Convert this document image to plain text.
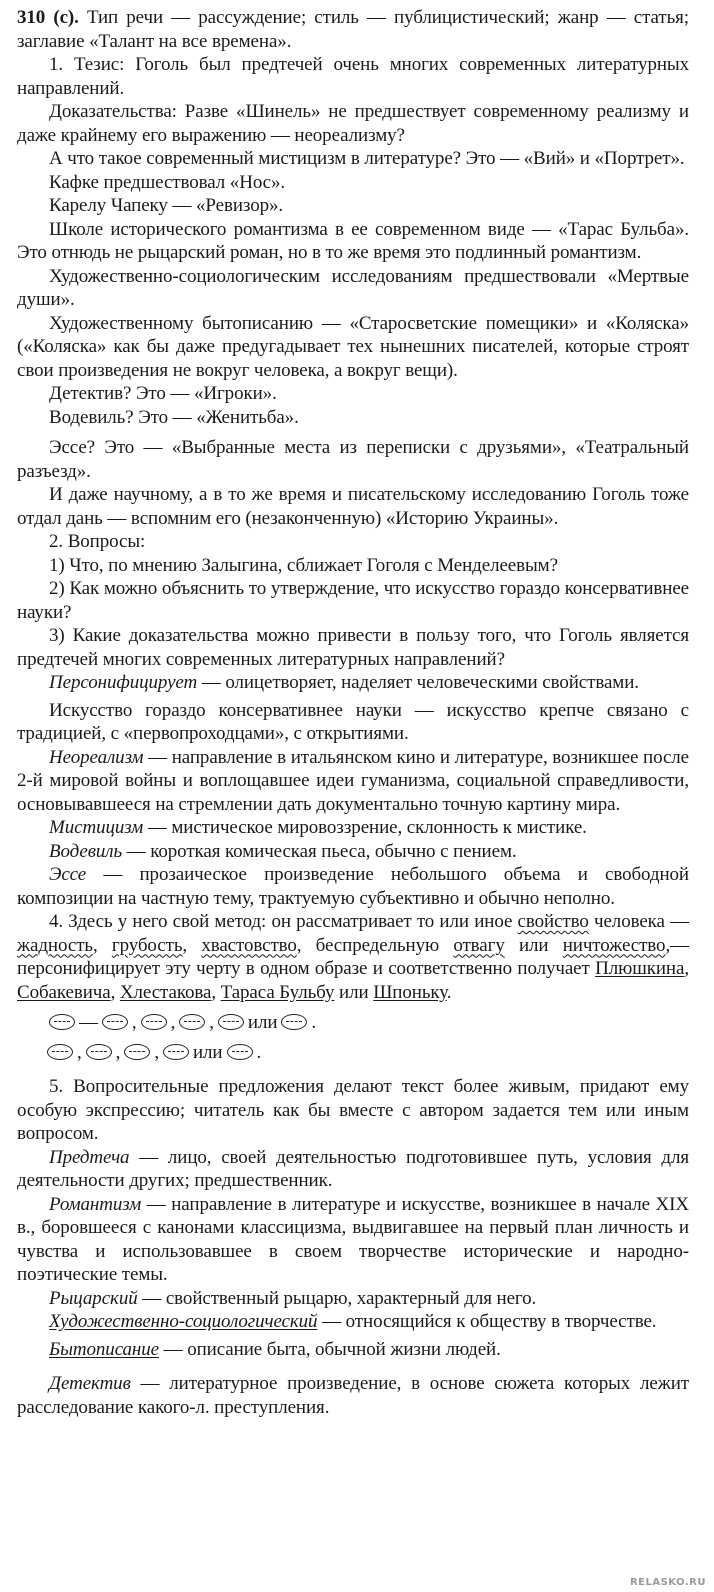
310 (с). Тип речи — рассуждение; стиль — публицистический; жанр — статья; заглавие «Талант на все времена».

1. Тезис: Гоголь был предтечей очень многих современных литературных направлений.

Доказательства: Разве «Шинель» не предшествует современному реализму и даже крайнему его выражению — неореализму?

А что такое современный мистицизм в литературе? Это — «Вий» и «Портрет».

Кафке предшествовал «Нос».

Карелу Чапеку — «Ревизор».

Школе исторического романтизма в ее современном виде — «Тарас Бульба». Это отнюдь не рыцарский роман, но в то же время это подлинный романтизм.

Художественно-социологическим исследованиям предшествовали «Мертвые души».

Художественному бытописанию — «Старосветские помещики» и «Коляска» («Коляска» как бы даже предугадывает тех нынешних писателей, которые строят свои произведения не вокруг человека, а вокруг вещи).

Детектив? Это — «Игроки».

Водевиль? Это — «Женитьба».

Эссе? Это — «Выбранные места из переписки с друзьями», «Театральный разъезд».

И даже научному, а в то же время и писательскому исследованию Гоголь тоже отдал дань — вспомним его (незаконченную) «Историю Украины».

2. Вопросы:

1) Что, по мнению Залыгина, сближает Гоголя с Менделеевым?

2) Как можно объяснить то утверждение, что искусство гораздо консервативнее науки?

3) Какие доказательства можно привести в пользу того, что Гоголь является предтечей многих современных литературных направлений?

Персонифицирует — олицетворяет, наделяет человеческими свойствами.

Искусство гораздо консервативнее науки — искусство крепче связано с традицией, с «первопроходцами», с открытиями.

Неореализм — направление в итальянском кино и литературе, возникшее после 2-й мировой войны и воплощавшее идеи гуманизма, социальной справедливости, основывавшееся на стремлении дать документально точную картину мира.

Мистицизм — мистическое мировоззрение, склонность к мистике.

Водевиль — короткая комическая пьеса, обычно с пением.

Эссе — прозаическое произведение небольшого объема и свободной композиции на частную тему, трактуемую субъективно и обычно неполно.

4. Здесь у него свой метод: он рассматривает то или иное свойство человека — жадность, грубость, хвастовство, беспредельную отвагу или ничтожество,— персонифицирует эту черту в одном образе и соответственно получает Плюшкина, Собакевича, Хлестакова, Тараса Бульбу или Шпоньку.

— , , , или .
, , , или .

5. Вопросительные предложения делают текст более живым, придают ему особую экспрессию; читатель как бы вместе с автором задается тем или иным вопросом.

Предтеча — лицо, своей деятельностью подготовившее путь, условия для деятельности других; предшественник.

Романтизм — направление в литературе и искусстве, возникшее в начале XIX в., боровшееся с канонами классицизма, выдвигавшее на первый план личность и чувства и использовавшее в своем творчестве исторические и народно-поэтические темы.

Рыцарский — свойственный рыцарю, характерный для него.

Художественно-социологический — относящийся к обществу в творчестве.

Бытописание — описание быта, обычной жизни людей.

Детектив — литературное произведение, в основе сюжета которых лежит расследование какого-л. преступления.

RELASKO.RU
